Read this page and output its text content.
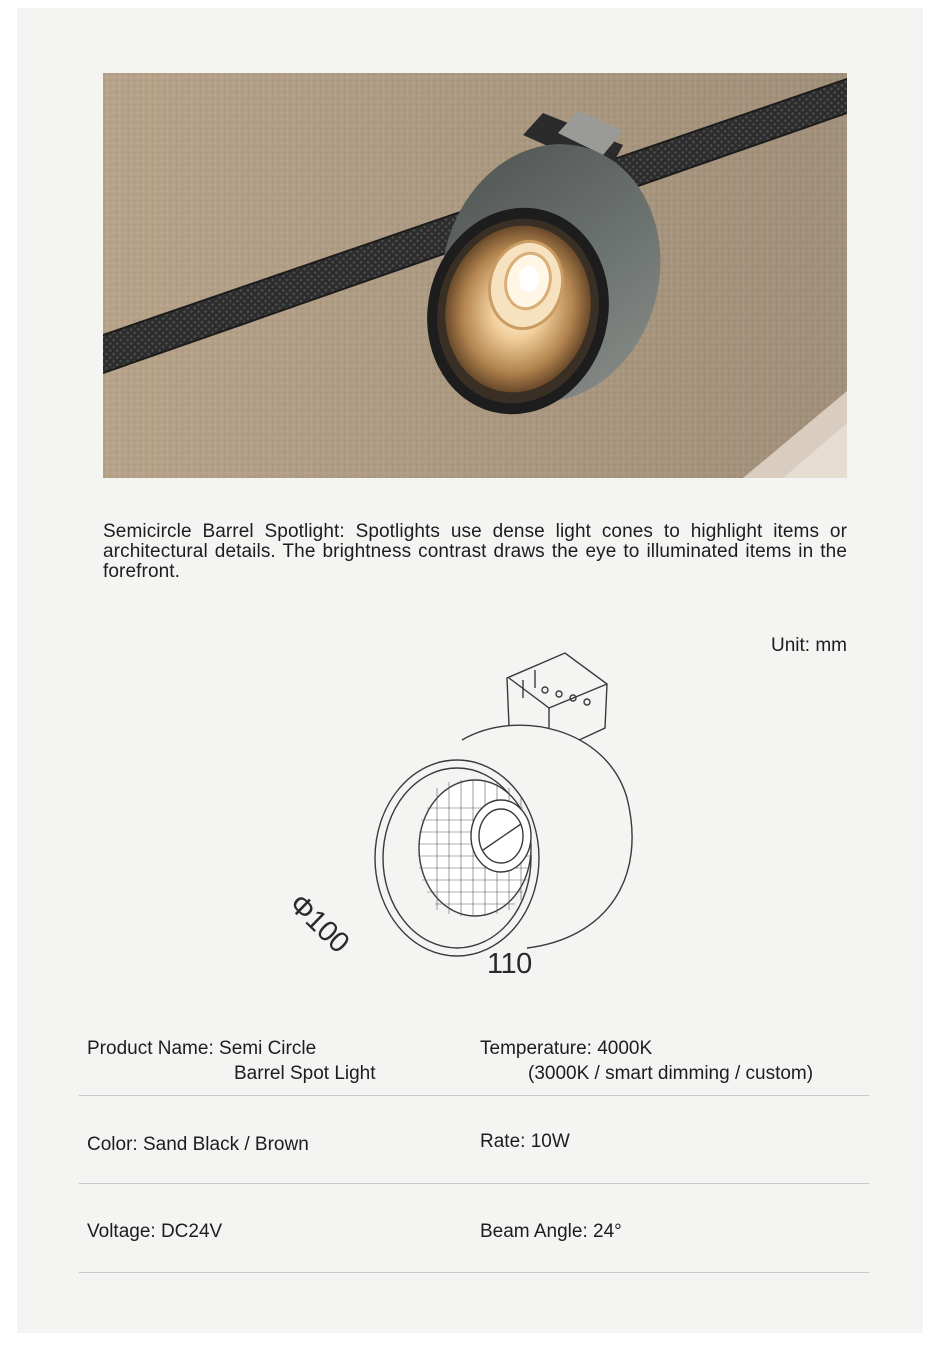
Semicircle Barrel Spotlight: Spotlights use dense light cones to highlight items or architectural details. The brightness contrast draws the eye to illuminated items in the forefront.

Unit: mm
Φ100
110
Product Name: Semi Circle
Barrel Spot Light
Temperature: 4000K
(3000K / smart dimming / custom)
Color: Sand Black / Brown	Rate: 10W
Voltage: DC24V	Beam Angle: 24°
